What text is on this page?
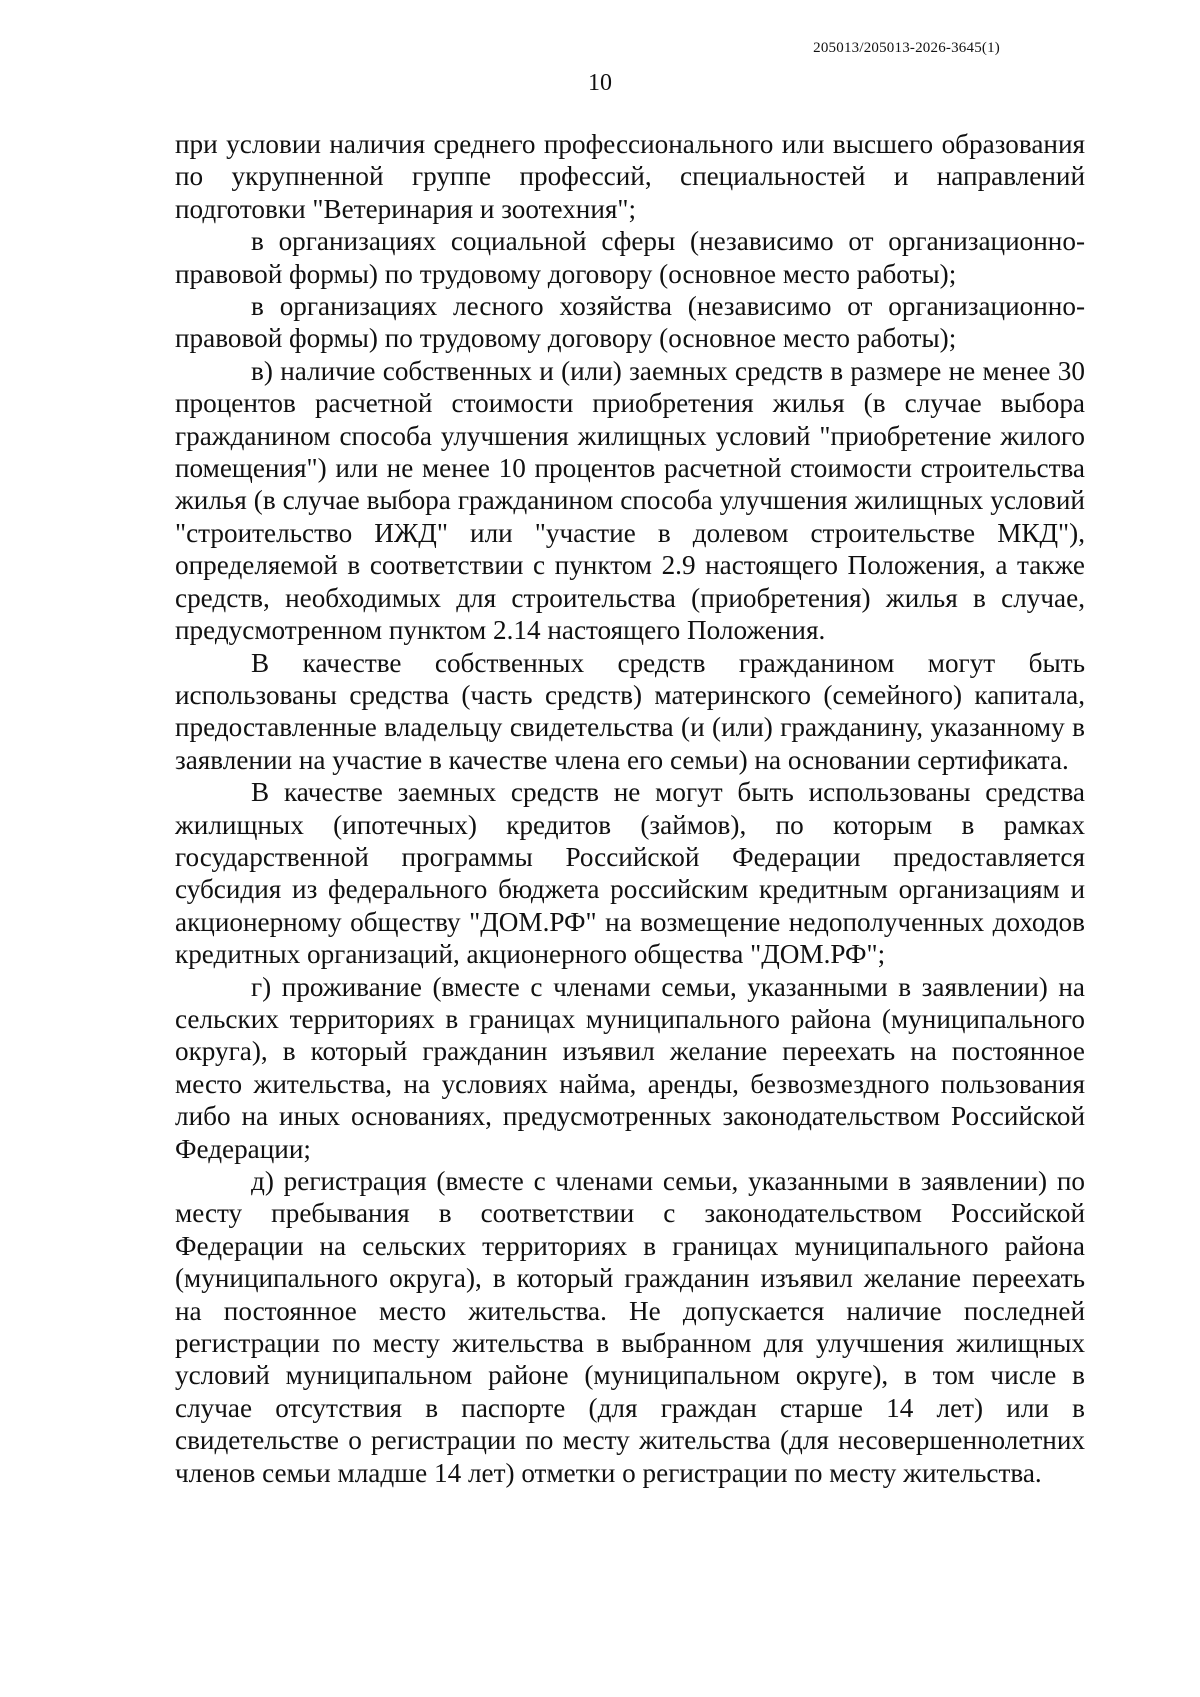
205013/205013-2026-3645(1)
10

при условии наличия среднего профессионального или высшего образования по укрупненной группе профессий, специальностей и направлений подготовки "Ветеринария и зоотехния";

в организациях социальной сферы (независимо от организационно-правовой формы) по трудовому договору (основное место работы);

в организациях лесного хозяйства (независимо от организационно-правовой формы) по трудовому договору (основное место работы);

в) наличие собственных и (или) заемных средств в размере не менее 30 процентов расчетной стоимости приобретения жилья (в случае выбора гражданином способа улучшения жилищных условий "приобретение жилого помещения") или не менее 10 процентов расчетной стоимости строительства жилья (в случае выбора гражданином способа улучшения жилищных условий "строительство ИЖД" или "участие в долевом строительстве МКД"), определяемой в соответствии с пунктом 2.9 настоящего Положения, а также средств, необходимых для строительства (приобретения) жилья в случае, предусмотренном пунктом 2.14 настоящего Положения.

В качестве собственных средств гражданином могут быть использованы средства (часть средств) материнского (семейного) капитала, предоставленные владельцу свидетельства (и (или) гражданину, указанному в заявлении на участие в качестве члена его семьи) на основании сертификата.

В качестве заемных средств не могут быть использованы средства жилищных (ипотечных) кредитов (займов), по которым в рамках государственной программы Российской Федерации предоставляется субсидия из федерального бюджета российским кредитным организациям и акционерному обществу "ДОМ.РФ" на возмещение недополученных доходов кредитных организаций, акционерного общества "ДОМ.РФ";

г) проживание (вместе с членами семьи, указанными в заявлении) на сельских территориях в границах муниципального района (муниципального округа), в который гражданин изъявил желание переехать на постоянное место жительства, на условиях найма, аренды, безвозмездного пользования либо на иных основаниях, предусмотренных законодательством Российской Федерации;

д) регистрация (вместе с членами семьи, указанными в заявлении) по месту пребывания в соответствии с законодательством Российской Федерации на сельских территориях в границах муниципального района (муниципального округа), в который гражданин изъявил желание переехать на постоянное место жительства. Не допускается наличие последней регистрации по месту жительства в выбранном для улучшения жилищных условий муниципальном районе (муниципальном округе), в том числе в случае отсутствия в паспорте (для граждан старше 14 лет) или в свидетельстве о регистрации по месту жительства (для несовершеннолетних членов семьи младше 14 лет) отметки о регистрации по месту жительства.
